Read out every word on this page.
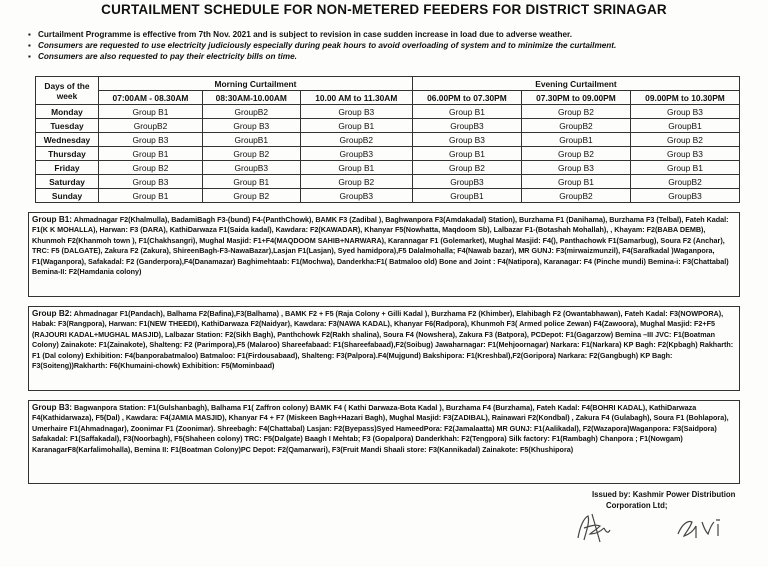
CURTAILMENT SCHEDULE FOR NON-METERED FEEDERS FOR DISTRICT SRINAGAR
▪ Curtailment Programme is effective from 7th Nov. 2021 and is subject to revision in case sudden increase in load due to adverse weather.
▪ Consumers are requested to use electricity judiciously especially during peak hours to avoid overloading of system and to minimize the curtailment.
▪ Consumers are also requested to pay their electricity bills on time.
Days of the week	Morning Curtailment			Evening Curtailment		
	07:00AM - 08.30AM	08:30AM-10.00AM	10.00 AM to 11.30AM	06.00PM to 07.30PM	07.30PM to 09.00PM	09.00PM to 10.30PM
Monday	Group B1	GroupB2	Group B3	Group B1	Group B2	Group B3
Tuesday	GroupB2	Group B3	Group B1	GroupB3	GroupB2	GroupB1
Wednesday	Group B3	GroupB1	GroupB2	Group B3	GroupB1	Group B2
Thursday	Group B1	Group B2	GroupB3	Group B1	Group B2	Group B3
Friday	Group B2	GroupB3	Group B1	Group B2	Group B3	Group B1
Saturday	Group B3	Group B1	Group B2	GroupB3	Group B1	GroupB2
Sunday	Group B1	Group B2	GroupB3	GroupB1	GroupB2	GroupB3
Group B1: Ahmadnagar F2(Khalmulla), BadamiBagh F3-(bund) F4-(PanthChowk), BAMK F3 (Zadibal ), Baghwanpora F3(Amdakadal) Station), Burzhama F1 (Danihama), Burzhama F3 (Telbal), Fateh Kadal: F1(K K MOHALLA), Harwan: F3 (DARA), KathiDarwaza F1(Saida kadal), Kawdara: F2(KAWADAR), Khanyar F5(Nowhatta, Maqdoom Sb), Lalbazar F1-(Botashah Mohallah), , Khayam: F2(BABA DEMB), Khunmoh F2(Khanmoh town ), F1(Chakhsangri), Mughal Masjid: F1+F4(MAQDOOM SAHIB+NARWARA), Karannagar F1 (Golemarket), Mughal Masjid: F4(), Panthachowk F1(Samarbug), Soura F2 (Anchar), TRC: F5 (DALGATE), Zakura F2 (Zakura), ShireenBagh-F3-NawaBazar),Lasjan F1(Lasjan), Syed hamidpora),F5 Dalalmohalla; F4(Nawab bazar), MR GUNJ: F3(mirwaizmunzil), F4(Sarafkadal )Waganpora, F1(Waganpora), Safakadal: F2 (Ganderpora),F4(Danamazar) Baghimehtaab: F1(Mochwa), Danderkha:F1( Batmaloo old) Bone and Joint : F4(Natipora), Karanagar: F4 (Pinche mundi) Bemina-i: F3(Chattabal) Bemina-II: F2(Hamdania colony)
Group B2: Ahmadnagar F1(Pandach), Balhama F2(Bafina),F3(Balhama) , BAMK F2 + F5 (Raja Colony + Gilli Kadal ), Burzhama F2 (Khimber), Elahibagh F2 (Owantabhawan), Fateh Kadal: F3(NOWPORA), Habak: F3(Rangpora), Harwan: F1(NEW THEEDI), KathiDarwaza F2(Naidyar), Kawdara: F3(NAWA KADAL), Khanyar F6(Radpora), Khunmoh F3( Armed police Zewan) F4(Zawoora), Mughal Masjid: F2+F5 (RAJOURI KADAL+MUGHAL MASJID), Lalbazar Station: F2(Sikh Bagh), Panthchowk F2(Rakh shalina), Soura F4 (Nowshera), Zakura F3 (Batpora), PCDepot: F1(Gagarzow) Bemina –III JVC: F1(Boatman Colony) Zainakote: F1(Zainakote), Shalteng: F2 (Parimpora),F5 (Malaroo) Shareefabaad: F1(Shareefabaad),F2(Soibug) Jawaharnagar: F1(Mehjoornagar) Narkara: F1(Narkara) KP Bagh: F2(Kpbagh) Rakharth: F1 (Dal colony) Exhibition: F4(banporabatmaloo) Batmaloo: F1(Firdousabaad), Shalteng: F3(Palpora).F4(Mujgund) Bakshipora: F1(Kreshbal),F2(Goripora) Narkara: F2(Gangbugh) KP Bagh: F3(Soiteng))Rakharth: F6(Khumaini-chowk) Exhibition: F5(Mominbaad)
Group B3: Bagwanpora Station: F1(Gulshanbagh), Balhama F1( Zaffron colony) BAMK F4 ( Kathi Darwaza-Bota Kadal ), Burzhama F4 (Burzhama), Fateh Kadal: F4(BOHRI KADAL), KathiDarwaza F4(Kathidarwaza), F5(Dal) , Kawdara: F4(JAMIA MASJID), Khanyar F4 + F7 (Miskeen Bagh+Hazari Bagh), Mughal Masjid: F3(ZADIBAL), Rainawari F2(Kondbal) , Zakura F4 (Gulabagh), Soura F1 (Bohlapora), Umerhaire F1(Ahmadnagar), Zoonimar F1 (Zoonimar). Shreebagh: F4(Chattabal) Lasjan: F2(Byepass)Syed HameedPora: F2(Jamalaatta) MR GUNJ: F1(Aalikadal), F2(Wazapora)Waganpora: F3(Saidpora) Safakadal: F1(Saffakadal), F3(Noorbagh), F5(Shaheen colony) TRC: F5(Dalgate) Baagh I Mehtab; F3 (Gopalpora) Danderkhah: F2(Tengpora) Silk factory: F1(Rambagh) Chanpora ; F1(Nowgam) KaranagarF8(Karfalimohalla), Bemina II: F1(Boatman Colony)PC Depot: F2(Qamarwari), F3(Fruit Mandi Shaali store: F3(Kannikadal) Zainakote: F5(Khushipora)
Issued by: Kashmir Power Distribution
Corporation Ltd;
